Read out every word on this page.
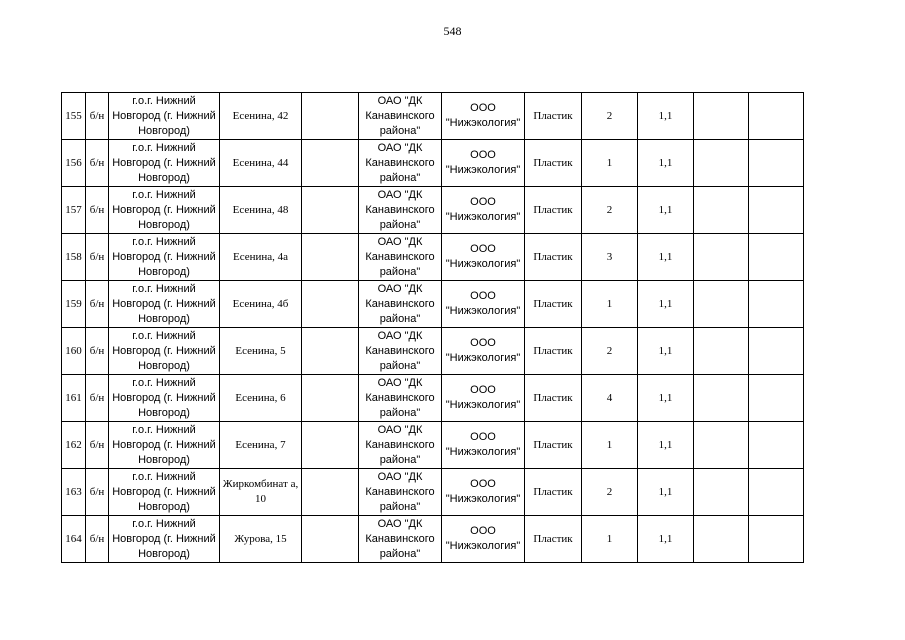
548
155	б/н	г.о.г. Нижний Новгород (г. Нижний Новгород)	Есенина, 42		ОАО "ДК Канавинского района"	ООО "Нижэкология"	Пластик	2	1,1		
156	б/н	г.о.г. Нижний Новгород (г. Нижний Новгород)	Есенина, 44		ОАО "ДК Канавинского района"	ООО "Нижэкология"	Пластик	1	1,1		
157	б/н	г.о.г. Нижний Новгород (г. Нижний Новгород)	Есенина, 48		ОАО "ДК Канавинского района"	ООО "Нижэкология"	Пластик	2	1,1		
158	б/н	г.о.г. Нижний Новгород (г. Нижний Новгород)	Есенина, 4а		ОАО "ДК Канавинского района"	ООО "Нижэкология"	Пластик	3	1,1		
159	б/н	г.о.г. Нижний Новгород (г. Нижний Новгород)	Есенина, 4б		ОАО "ДК Канавинского района"	ООО "Нижэкология"	Пластик	1	1,1		
160	б/н	г.о.г. Нижний Новгород (г. Нижний Новгород)	Есенина, 5		ОАО "ДК Канавинского района"	ООО "Нижэкология"	Пластик	2	1,1		
161	б/н	г.о.г. Нижний Новгород (г. Нижний Новгород)	Есенина, 6		ОАО "ДК Канавинского района"	ООО "Нижэкология"	Пластик	4	1,1		
162	б/н	г.о.г. Нижний Новгород (г. Нижний Новгород)	Есенина, 7		ОАО "ДК Канавинского района"	ООО "Нижэкология"	Пластик	1	1,1		
163	б/н	г.о.г. Нижний Новгород (г. Нижний Новгород)	Жиркомбинат а, 10		ОАО "ДК Канавинского района"	ООО "Нижэкология"	Пластик	2	1,1		
164	б/н	г.о.г. Нижний Новгород (г. Нижний Новгород)	Журова, 15		ОАО "ДК Канавинского района"	ООО "Нижэкология"	Пластик	1	1,1		
